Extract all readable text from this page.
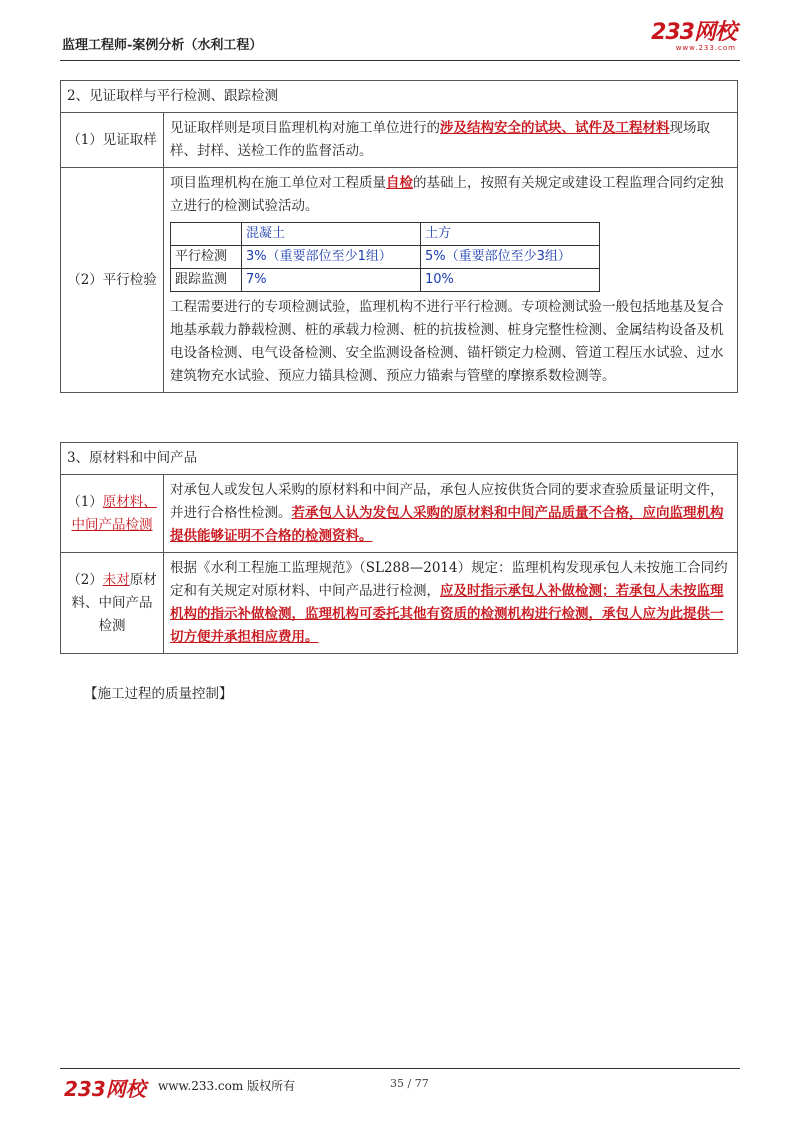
监理工程师-案例分析（水利工程）
233网校
www.233.com
2、见证取样与平行检测、跟踪检测
（1）见证取样	见证取样则是项目监理机构对施工单位进行的涉及结构安全的试块、试件及工程材料现场取样、封样、送检工作的监督活动。
（2）平行检验	
项目监理机构在施工单位对工程质量自检的基础上，按照有关规定或建设工程监理合同约定独立进行的检测试验活动。
	混凝土	土方
平行检测	3%（重要部位至少1组）	5%（重要部位至少3组）
跟踪监测	7%	10%
工程需要进行的专项检测试验，监理机构不进行平行检测。专项检测试验一般包括地基及复合地基承载力静载检测、桩的承载力检测、桩的抗拔检测、桩身完整性检测、金属结构设备及机电设备检测、电气设备检测、安全监测设备检测、锚杆锁定力检测、管道工程压水试验、过水建筑物充水试验、预应力锚具检测、预应力锚索与管壁的摩擦系数检测等。
3、原材料和中间产品	
（1）原材料、中间产品检测	对承包人或发包人采购的原材料和中间产品，承包人应按供货合同的要求查验质量证明文件，并进行合格性检测。若承包人认为发包人采购的原材料和中间产品质量不合格，应向监理机构提供能够证明不合格的检测资料。
（2）未对原材料、中间产品检测	根据《水利工程施工监理规范》（SL288—2014）规定：监理机构发现承包人未按施工合同约定和有关规定对原材料、中间产品进行检测，应及时指示承包人补做检测；若承包人未按监理机构的指示补做检测，监理机构可委托其他有资质的检测机构进行检测，承包人应为此提供一切方便并承担相应费用。
【施工过程的质量控制】
233网校 www.233.com 版权所有	35 / 77
